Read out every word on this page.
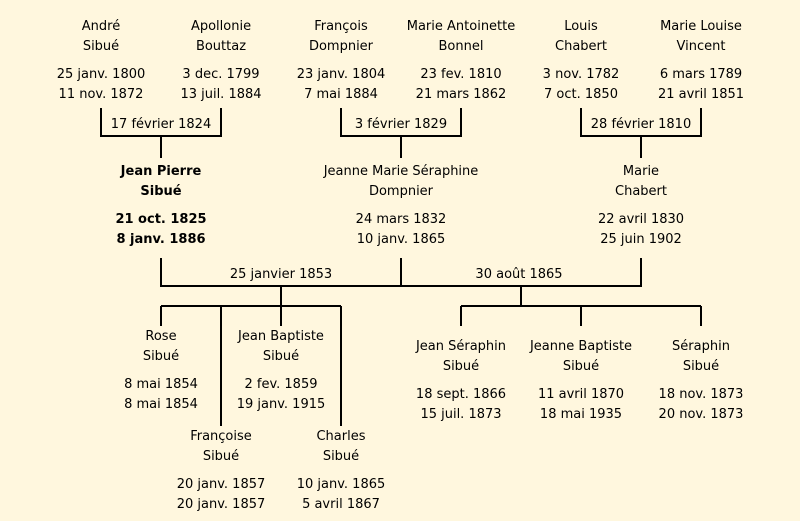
André
Sibué
25 janv. 1800
11 nov. 1872
Apollonie
Bouttaz
3 dec. 1799
13 juil. 1884
François
Dompnier
23 janv. 1804
7 mai 1884
Marie Antoinette
Bonnel
23 fev. 1810
21 mars 1862
Louis
Chabert
3 nov. 1782
7 oct. 1850
Marie Louise
Vincent
6 mars 1789
21 avril 1851
17 février 1824	3 février 1829	28 février 1810
Jean Pierre
Sibué
21 oct. 1825
8 janv. 1886
Jeanne Marie Séraphine
Dompnier
24 mars 1832
10 janv. 1865
Marie
Chabert
22 avril 1830
25 juin 1902
25 janvier 1853	30 août 1865
Rose
Sibué
8 mai 1854
8 mai 1854
Jean Baptiste
Sibué
2 fev. 1859
19 janv. 1915
Françoise
Sibué
20 janv. 1857
20 janv. 1857
Charles
Sibué
10 janv. 1865
5 avril 1867
Jean Séraphin
Sibué
18 sept. 1866
15 juil. 1873
Jeanne Baptiste
Sibué
11 avril 1870
18 mai 1935
Séraphin
Sibué
18 nov. 1873
20 nov. 1873
